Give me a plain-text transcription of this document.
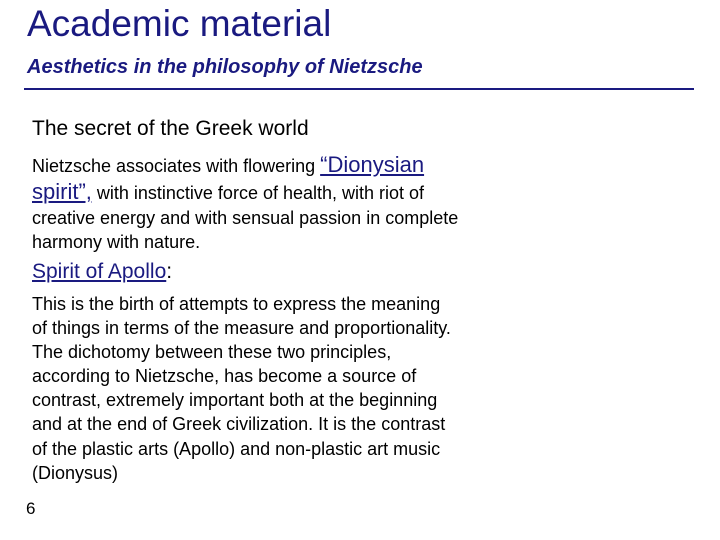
Academic material
Aesthetics in the philosophy of Nietzsche
The secret of the Greek world
Nietzsche associates with flowering “Dionysian
spirit”, with instinctive force of health, with riot of
creative energy and with sensual passion in complete
harmony with nature.
Spirit of Apollo:
This is the birth of attempts to express the meaning
of things in terms of the measure and proportionality.
The dichotomy between these two principles,
according to Nietzsche, has become a source of
contrast, extremely important both at the beginning
and at the end of Greek civilization. It is the contrast
of the plastic arts (Apollo) and non-plastic art music
(Dionysus)
6
